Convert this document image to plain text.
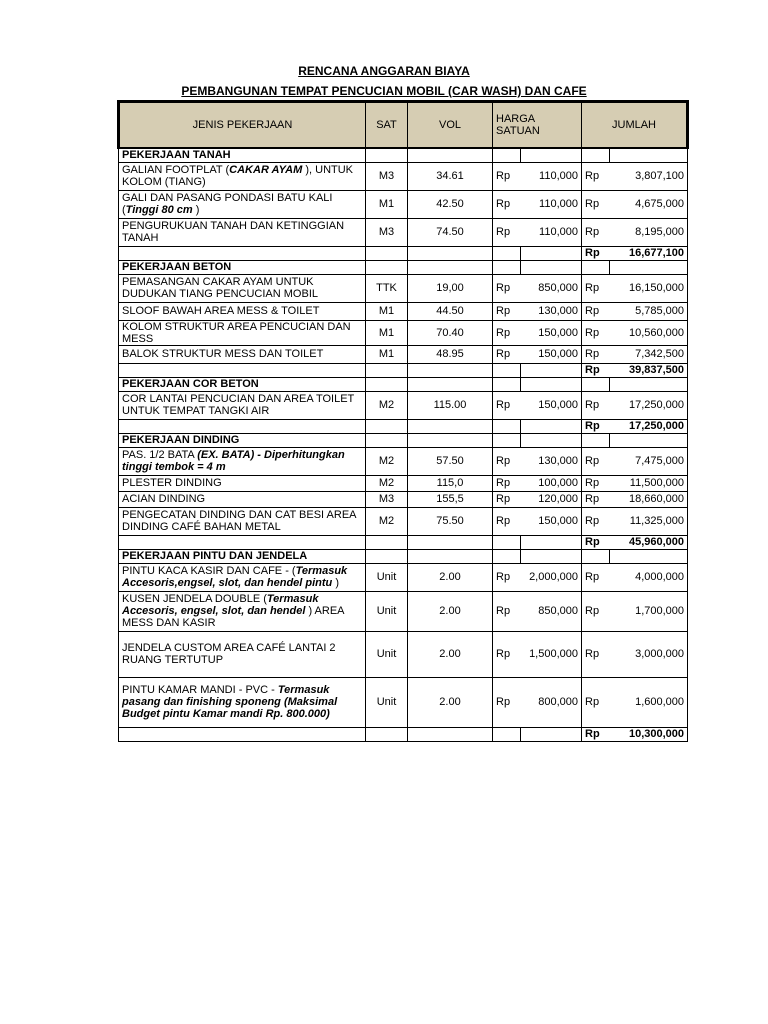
RENCANA ANGGARAN BIAYA
PEMBANGUNAN TEMPAT PENCUCIAN MOBIL (CAR WASH) DAN CAFE
JENIS PEKERJAAN	SAT	VOL	HARGA SATUAN		JUMLAH	
PEKERJAAN TANAH						
GALIAN FOOTPLAT (CAKAR AYAM ), UNTUK KOLOM (TIANG)	M3	34.61	Rp	110,000	Rp	3,807,100
GALI DAN PASANG PONDASI BATU KALI (Tinggi 80 cm )	M1	42.50	Rp	110,000	Rp	4,675,000
PENGURUKUAN TANAH DAN KETINGGIAN TANAH	M3	74.50	Rp	110,000	Rp	8,195,000
					Rp	16,677,100
PEKERJAAN BETON						
PEMASANGAN CAKAR AYAM UNTUK DUDUKAN TIANG PENCUCIAN MOBIL	TTK	19,00	Rp	850,000	Rp	16,150,000
SLOOF BAWAH AREA MESS & TOILET	M1	44.50	Rp	130,000	Rp	5,785,000
KOLOM STRUKTUR AREA PENCUCIAN DAN MESS	M1	70.40	Rp	150,000	Rp	10,560,000
BALOK STRUKTUR MESS DAN TOILET	M1	48.95	Rp	150,000	Rp	7,342,500
					Rp	39,837,500
PEKERJAAN COR BETON						
COR LANTAI PENCUCIAN DAN AREA TOILET UNTUK TEMPAT TANGKI AIR	M2	115.00	Rp	150,000	Rp	17,250,000
					Rp	17,250,000
PEKERJAAN DINDING						
PAS. 1/2 BATA (EX. BATA) - Diperhitungkan tinggi tembok = 4 m	M2	57.50	Rp	130,000	Rp	7,475,000
PLESTER DINDING	M2	115,0	Rp	100,000	Rp	11,500,000
ACIAN DINDING	M3	155,5	Rp	120,000	Rp	18,660,000
PENGECATAN DINDING DAN CAT BESI AREA DINDING CAFÉ BAHAN METAL	M2	75.50	Rp	150,000	Rp	11,325,000
					Rp	45,960,000
PEKERJAAN PINTU DAN JENDELA						
PINTU KACA KASIR DAN CAFE - (Termasuk Accesoris,engsel, slot, dan hendel pintu )	Unit	2.00	Rp	2,000,000	Rp	4,000,000
KUSEN JENDELA DOUBLE (Termasuk Accesoris, engsel, slot, dan hendel ) AREA MESS DAN KASIR	Unit	2.00	Rp	850,000	Rp	1,700,000
JENDELA CUSTOM AREA CAFÉ LANTAI 2 RUANG TERTUTUP	Unit	2.00	Rp	1,500,000	Rp	3,000,000
PINTU KAMAR MANDI - PVC - Termasuk pasang dan finishing sponeng (Maksimal Budget pintu Kamar mandi Rp. 800.000)	Unit	2.00	Rp	800,000	Rp	1,600,000
					Rp	10,300,000
